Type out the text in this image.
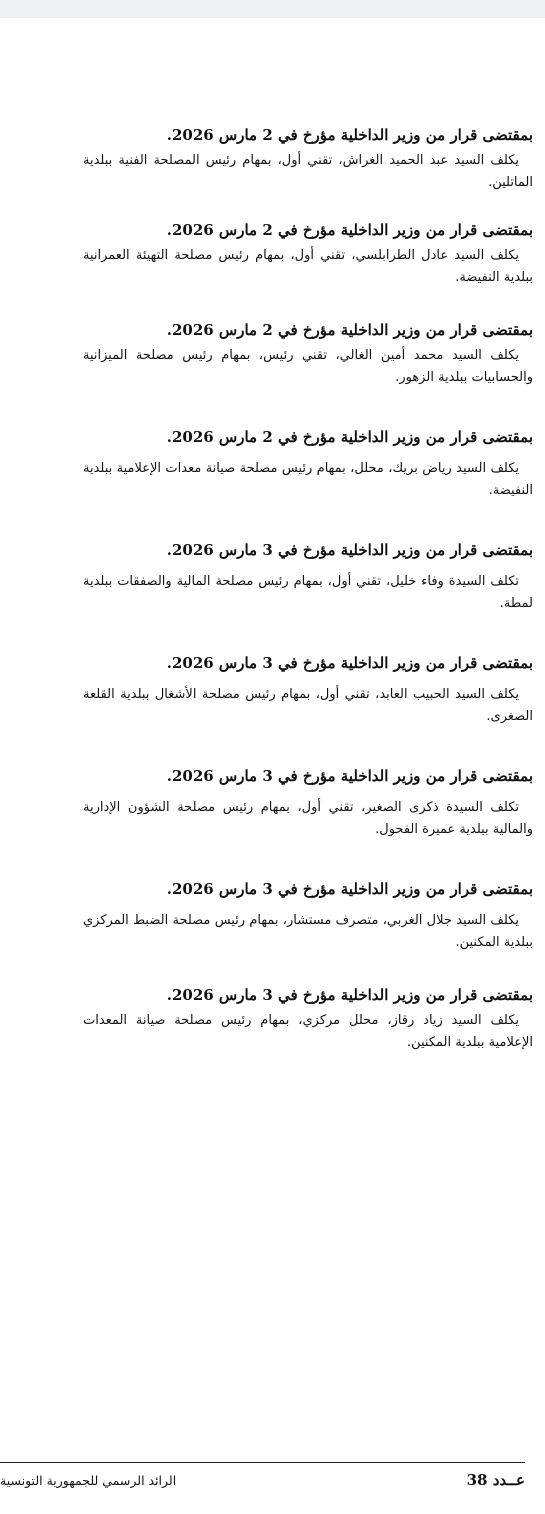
بمقتضى قرار من وزير الداخلية مؤرخ في 2 مارس 2026.

يكلف السيد عبد الحميد الغراش، تقني أول، بمهام رئيس المصلحة الفنية ببلدية الماتلين.

بمقتضى قرار من وزير الداخلية مؤرخ في 2 مارس 2026.

يكلف السيد عادل الطرابلسي، تقني أول، بمهام رئيس مصلحة التهيئة العمرانية ببلدية النفيضة.

بمقتضى قرار من وزير الداخلية مؤرخ في 2 مارس 2026.

يكلف السيد محمد أمين الغالي، تقني رئيس، بمهام رئيس مصلحة الميزانية والحسابيات ببلدية الزهور.

بمقتضى قرار من وزير الداخلية مؤرخ في 2 مارس 2026.

يكلف السيد رياض بريك، محلل، بمهام رئيس مصلحة صيانة معدات الإعلامية ببلدية النفيضة.

بمقتضى قرار من وزير الداخلية مؤرخ في 3 مارس 2026.

تكلف السيدة وفاء خليل، تقني أول، بمهام رئيس مصلحة المالية والصفقات ببلدية لمطة.

بمقتضى قرار من وزير الداخلية مؤرخ في 3 مارس 2026.

يكلف السيد الحبيب العابد، تقني أول، بمهام رئيس مصلحة الأشغال ببلدية القلعة الصغرى.

بمقتضى قرار من وزير الداخلية مؤرخ في 3 مارس 2026.

تكلف السيدة ذكرى الصغير، تقني أول، بمهام رئيس مصلحة الشؤون الإدارية والمالية ببلدية عميرة الفحول.

بمقتضى قرار من وزير الداخلية مؤرخ في 3 مارس 2026.

يكلف السيد جلال الغربي، متصرف مستشار، بمهام رئيس مصلحة الضبط المركزي ببلدية المكنين.

بمقتضى قرار من وزير الداخلية مؤرخ في 3 مارس 2026.

يكلف السيد زياد رقاز، محلل مركزي، بمهام رئيس مصلحة صيانة المعدات الإعلامية ببلدية المكنين.

عــدد 38
الرائد الرسمي للجمهورية التونسية
